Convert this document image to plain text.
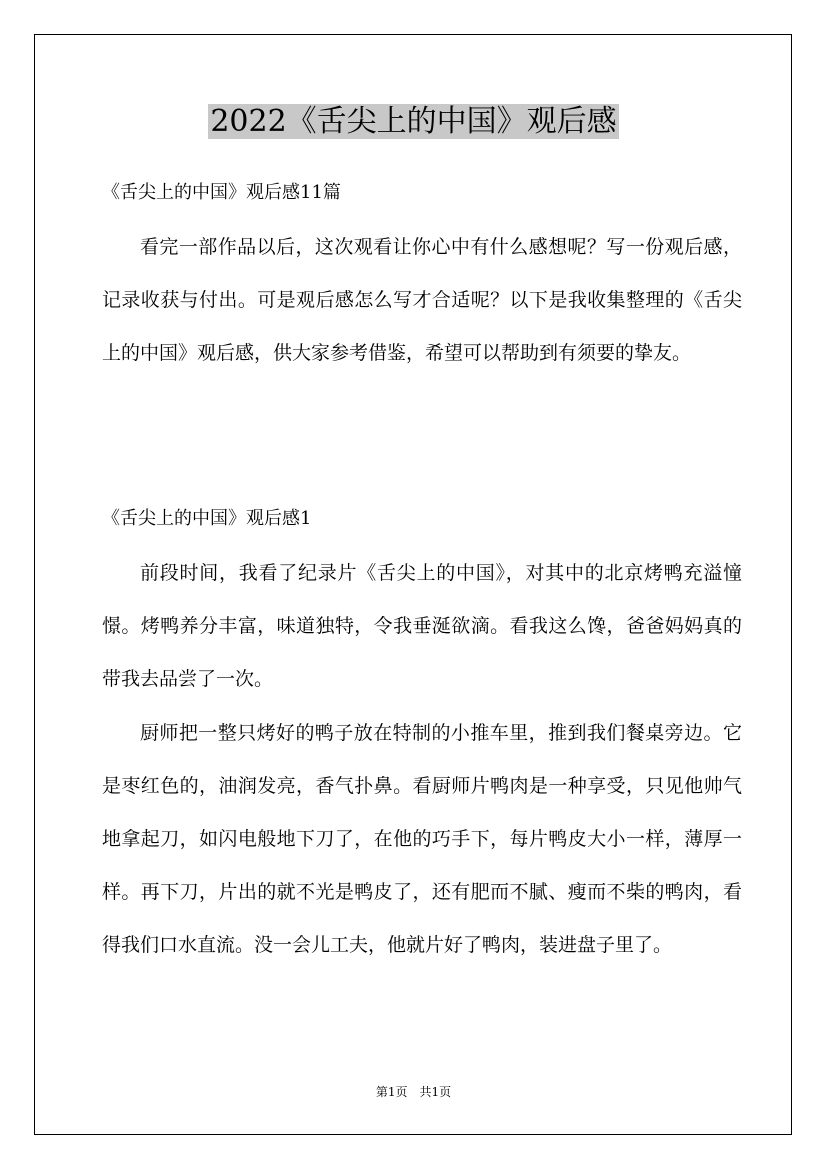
2022《舌尖上的中国》观后感
《舌尖上的中国》观后感11篇

看完一部作品以后，这次观看让你心中有什么感想呢？写一份观后感，记录收获与付出。可是观后感怎么写才合适呢？以下是我收集整理的《舌尖上的中国》观后感，供大家参考借鉴，希望可以帮助到有须要的挚友。

《舌尖上的中国》观后感1

前段时间，我看了纪录片《舌尖上的中国》，对其中的北京烤鸭充溢憧憬。烤鸭养分丰富，味道独特，令我垂涎欲滴。看我这么馋，爸爸妈妈真的带我去品尝了一次。

厨师把一整只烤好的鸭子放在特制的小推车里，推到我们餐桌旁边。它是枣红色的，油润发亮，香气扑鼻。看厨师片鸭肉是一种享受，只见他帅气地拿起刀，如闪电般地下刀了，在他的巧手下，每片鸭皮大小一样，薄厚一样。再下刀，片出的就不光是鸭皮了，还有肥而不腻、瘦而不柴的鸭肉，看得我们口水直流。没一会儿工夫，他就片好了鸭肉，装进盘子里了。

第1页　共1页
